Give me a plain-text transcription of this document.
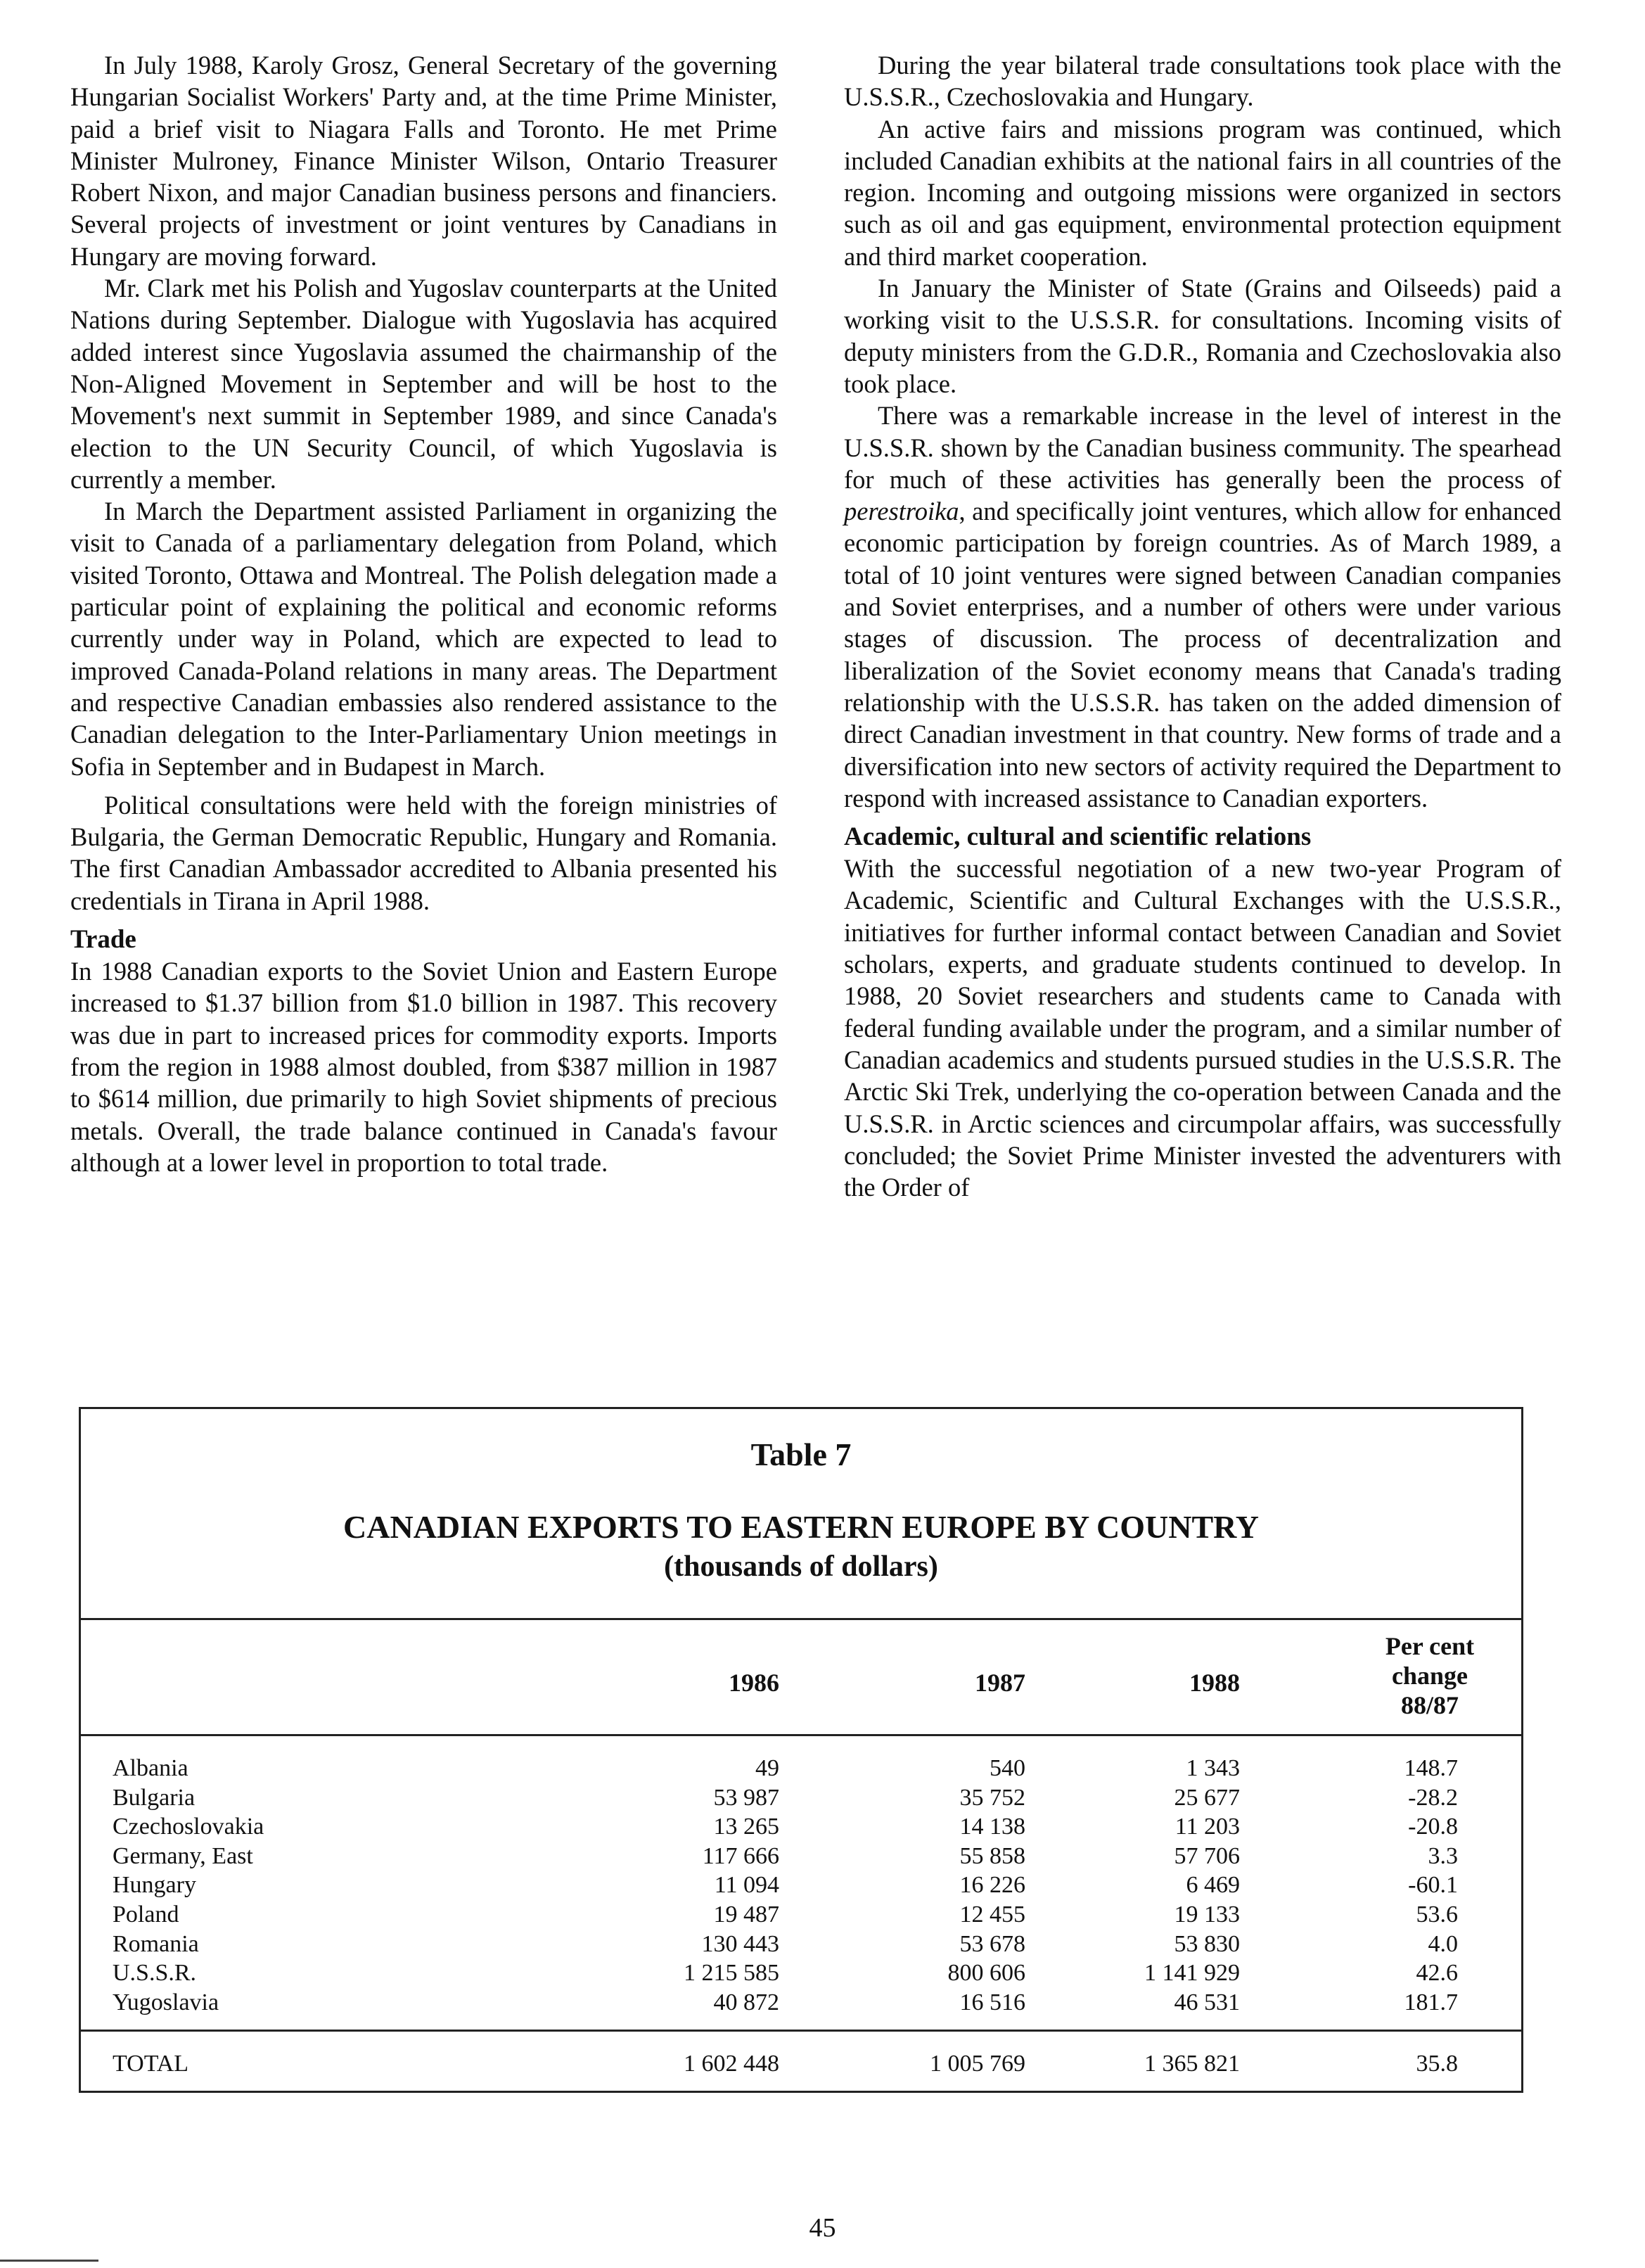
In July 1988, Karoly Grosz, General Secretary of the governing Hungarian Socialist Workers' Party and, at the time Prime Minister, paid a brief visit to Niagara Falls and Toronto. He met Prime Minister Mulroney, Finance Minister Wilson, Ontario Treasurer Robert Nixon, and major Canadian business persons and financiers. Several projects of investment or joint ventures by Canadians in Hungary are moving forward.

Mr. Clark met his Polish and Yugoslav counterparts at the United Nations during September. Dialogue with Yugoslavia has acquired added interest since Yugoslavia assumed the chairmanship of the Non-Aligned Movement in September and will be host to the Movement's next summit in September 1989, and since Canada's election to the UN Security Council, of which Yugoslavia is currently a member.

In March the Department assisted Parliament in organizing the visit to Canada of a parliamentary delegation from Poland, which visited Toronto, Ottawa and Montreal. The Polish delegation made a particular point of explaining the political and economic reforms currently under way in Poland, which are expected to lead to improved Canada-Poland relations in many areas. The Department and respective Canadian embassies also rendered assistance to the Canadian delegation to the Inter-Parliamentary Union meetings in Sofia in September and in Budapest in March.

Political consultations were held with the foreign ministries of Bulgaria, the German Democratic Republic, Hungary and Romania. The first Canadian Ambassador accredited to Albania presented his credentials in Tirana in April 1988.

Trade

In 1988 Canadian exports to the Soviet Union and Eastern Europe increased to $1.37 billion from $1.0 billion in 1987. This recovery was due in part to increased prices for commodity exports. Imports from the region in 1988 almost doubled, from $387 million in 1987 to $614 million, due primarily to high Soviet shipments of precious metals. Overall, the trade balance continued in Canada's favour although at a lower level in proportion to total trade.

During the year bilateral trade consultations took place with the U.S.S.R., Czechoslovakia and Hungary.

An active fairs and missions program was continued, which included Canadian exhibits at the national fairs in all countries of the region. Incoming and outgoing missions were organized in sectors such as oil and gas equipment, environmental protection equipment and third market cooperation.

In January the Minister of State (Grains and Oilseeds) paid a working visit to the U.S.S.R. for consultations. Incoming visits of deputy ministers from the G.D.R., Romania and Czechoslovakia also took place.

There was a remarkable increase in the level of interest in the U.S.S.R. shown by the Canadian business community. The spearhead for much of these activities has generally been the process of perestroika, and specifically joint ventures, which allow for enhanced economic participation by foreign countries. As of March 1989, a total of 10 joint ventures were signed between Canadian companies and Soviet enterprises, and a number of others were under various stages of discussion. The process of decentralization and liberalization of the Soviet economy means that Canada's trading relationship with the U.S.S.R. has taken on the added dimension of direct Canadian investment in that country. New forms of trade and a diversification into new sectors of activity required the Department to respond with increased assistance to Canadian exporters.

Academic, cultural and scientific relations

With the successful negotiation of a new two-year Program of Academic, Scientific and Cultural Exchanges with the U.S.S.R., initiatives for further informal contact between Canadian and Soviet scholars, experts, and graduate students continued to develop. In 1988, 20 Soviet researchers and students came to Canada with federal funding available under the program, and a similar number of Canadian academics and students pursued studies in the U.S.S.R. The Arctic Ski Trek, underlying the co-operation between Canada and the U.S.S.R. in Arctic sciences and circumpolar affairs, was successfully concluded; the Soviet Prime Minister invested the adventurers with the Order of

Table 7
CANADIAN EXPORTS TO EASTERN EUROPE BY COUNTRY
(thousands of dollars)
1986	1987	1988
Per cent
change
88/87
Albania	49	540	1 343	148.7
Bulgaria	53 987	35 752	25 677	-28.2
Czechoslovakia	13 265	14 138	11 203	-20.8
Germany, East	117 666	55 858	57 706	3.3
Hungary	11 094	16 226	6 469	-60.1
Poland	19 487	12 455	19 133	53.6
Romania	130 443	53 678	53 830	4.0
U.S.S.R.	1 215 585	800 606	1 141 929	42.6
Yugoslavia	40 872	16 516	46 531	181.7
TOTAL	1 602 448	1 005 769	1 365 821	35.8
45
